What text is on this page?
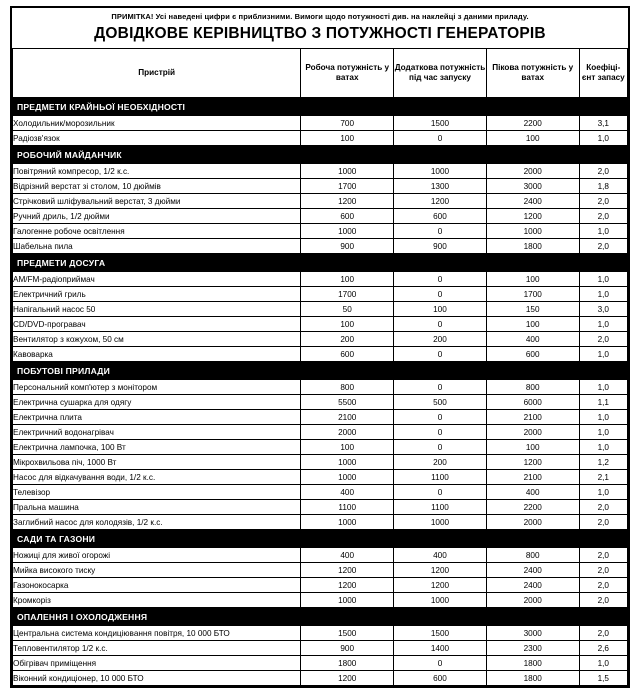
ПРИМІТКА! Усі наведені цифри є приблизними. Вимоги щодо потужності див. на наклейці з даними приладу.
ДОВІДКОВЕ КЕРІВНИЦТВО З ПОТУЖНОСТІ ГЕНЕРАТОРІВ
Пристрій	Робоча потужність у ватах	Додаткова потужність під час запуску	Пікова потужність у ватах	Коефіці-єнт запасу
ПРЕДМЕТИ КРАЙНЬОЇ НЕОБХІДНОСТІ				
Холодильник/морозильник	700	1500	2200	3,1
Радіозв'язок	100	0	100	1,0
РОБОЧИЙ МАЙДАНЧИК				
Повітряний компресор, 1/2 к.с.	1000	1000	2000	2,0
Відрізний верстат зі столом, 10 дюймів	1700	1300	3000	1,8
Стрічковий шліфувальний верстат, 3 дюйми	1200	1200	2400	2,0
Ручний дриль, 1/2 дюйми	600	600	1200	2,0
Галогенне робоче освітлення	1000	0	1000	1,0
Шабельна пила	900	900	1800	2,0
ПРЕДМЕТИ ДОСУГА				
АМ/FM-радіоприймач	100	0	100	1,0
Електричний гриль	1700	0	1700	1,0
Напігальний насос 50	50	100	150	3,0
CD/DVD-програвач	100	0	100	1,0
Вентилятор з кожухом, 50 см	200	200	400	2,0
Кавоварка	600	0	600	1,0
ПОБУТОВІ ПРИЛАДИ				
Персональний комп'ютер з монітором	800	0	800	1,0
Електрична сушарка для одягу	5500	500	6000	1,1
Електрична плита	2100	0	2100	1,0
Електричний водонагрівач	2000	0	2000	1,0
Електрична лампочка, 100 Вт	100	0	100	1,0
Мікрохвильова піч, 1000 Вт	1000	200	1200	1,2
Насос для відкачування води, 1/2 к.с.	1000	1100	2100	2,1
Телевізор	400	0	400	1,0
Пральна машина	1100	1100	2200	2,0
Заглибний насос для колодязів, 1/2 к.с.	1000	1000	2000	2,0
САДИ ТА ГАЗОНИ				
Ножиці для живої огорожі	400	400	800	2,0
Мийка високого тиску	1200	1200	2400	2,0
Газонокосарка	1200	1200	2400	2,0
Кромкоріз	1000	1000	2000	2,0
ОПАЛЕННЯ І ОХОЛОДЖЕННЯ				
Центральна система кондиціювання повітря, 10 000 БТО	1500	1500	3000	2,0
Тепловентилятор 1/2 к.с.	900	1400	2300	2,6
Обігрівач приміщення	1800	0	1800	1,0
Віконний кондиціонер, 10 000 БТО	1200	600	1800	1,5
